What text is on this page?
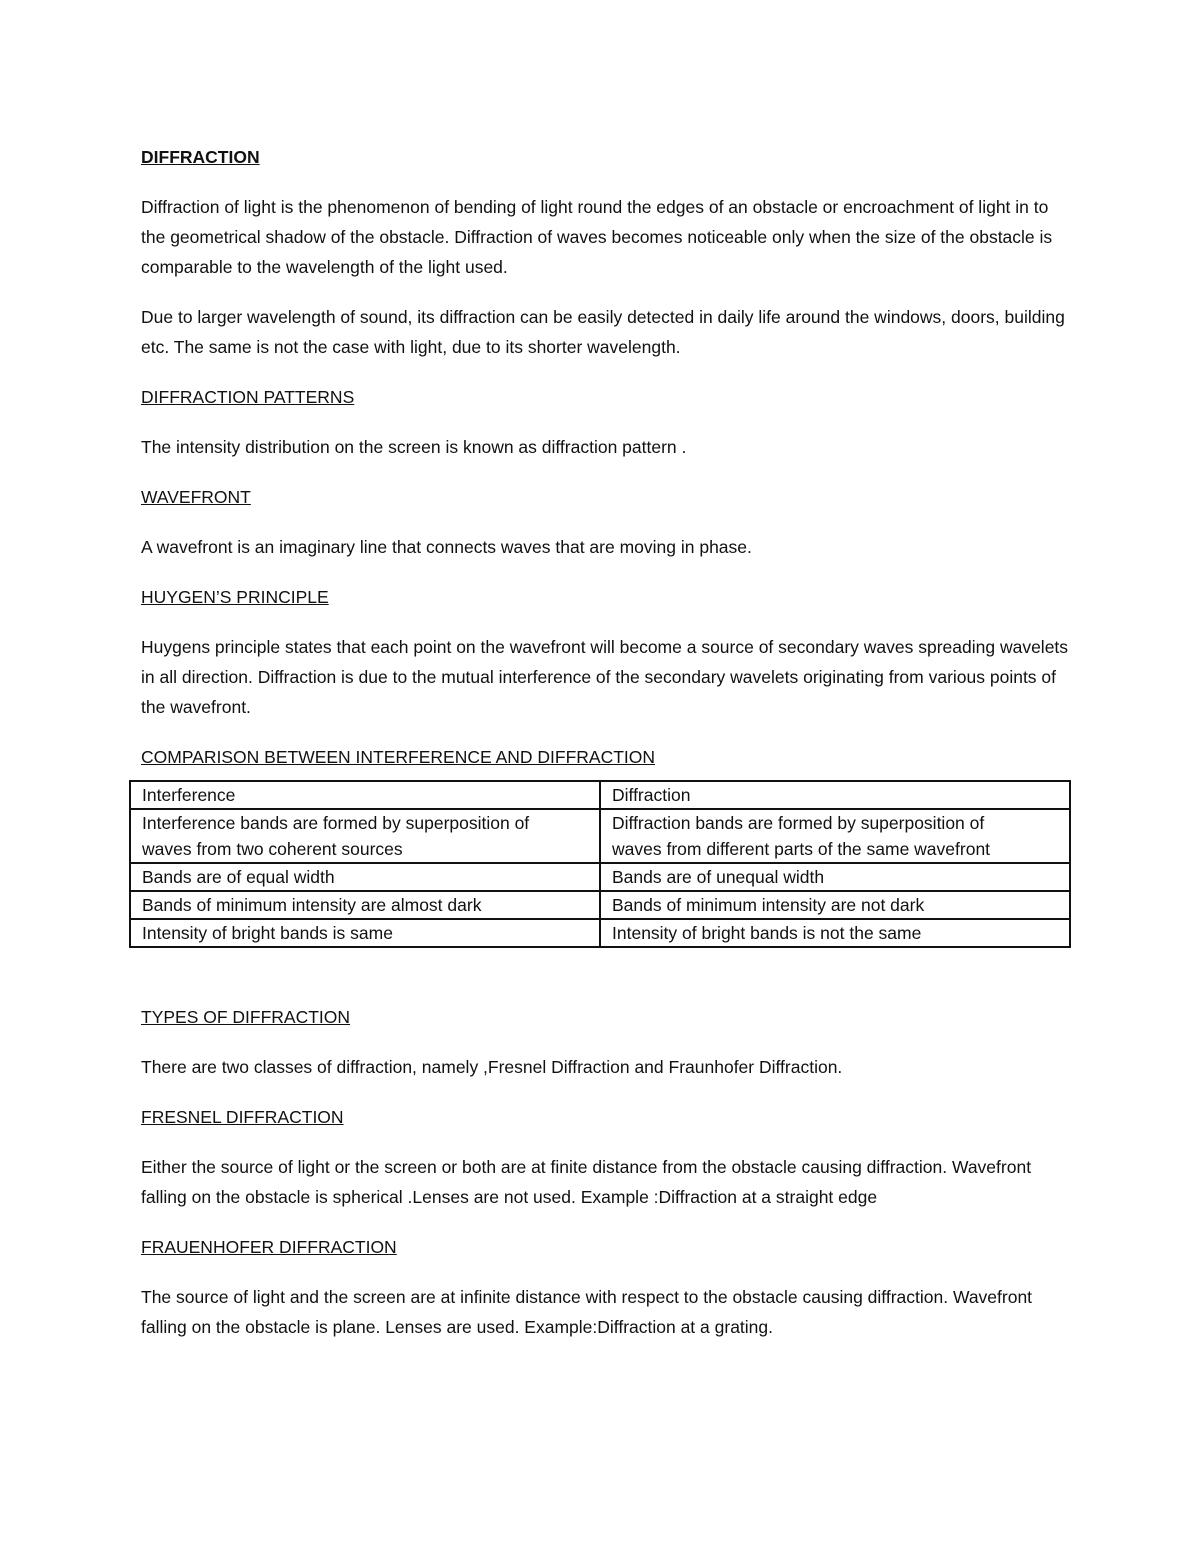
DIFFRACTION

Diffraction of light is the phenomenon of bending of light round the edges of an obstacle or encroachment of light in to the geometrical shadow of the obstacle. Diffraction of waves becomes noticeable only when the size of the obstacle is comparable to the wavelength of the light used.

Due to larger wavelength of sound, its diffraction can be easily detected in daily life around the windows, doors, building etc. The same is not the case with light, due to its shorter wavelength.

DIFFRACTION PATTERNS

The intensity distribution on the screen is known as diffraction pattern .

WAVEFRONT

A wavefront is an imaginary line that connects waves that are moving in phase.

HUYGEN’S PRINCIPLE

Huygens principle states that each point on the wavefront will become a source of secondary waves spreading wavelets in all direction. Diffraction is due to the mutual interference of the secondary wavelets originating from various points of the wavefront.

COMPARISON BETWEEN INTERFERENCE AND DIFFRACTION
Interference	Diffraction

Interference bands are formed by superposition of waves from two coherent sources	Diffraction bands are formed by superposition of waves from different parts of the same wavefront

Bands are of equal width	Bands are of unequal width
Bands of minimum intensity are almost dark	Bands of minimum intensity are not dark
Intensity of bright bands is same	Intensity of bright bands is not the same
TYPES OF DIFFRACTION

There are two classes of diffraction, namely ,Fresnel Diffraction and Fraunhofer Diffraction.

FRESNEL DIFFRACTION

Either the source of light or the screen or both are at finite distance from the obstacle causing diffraction. Wavefront falling on the obstacle is spherical .Lenses are not used. Example :Diffraction at a straight edge

FRAUENHOFER DIFFRACTION

The source of light and the screen are at infinite distance with respect to the obstacle causing diffraction. Wavefront falling on the obstacle is plane. Lenses are used. Example:Diffraction at a grating.
